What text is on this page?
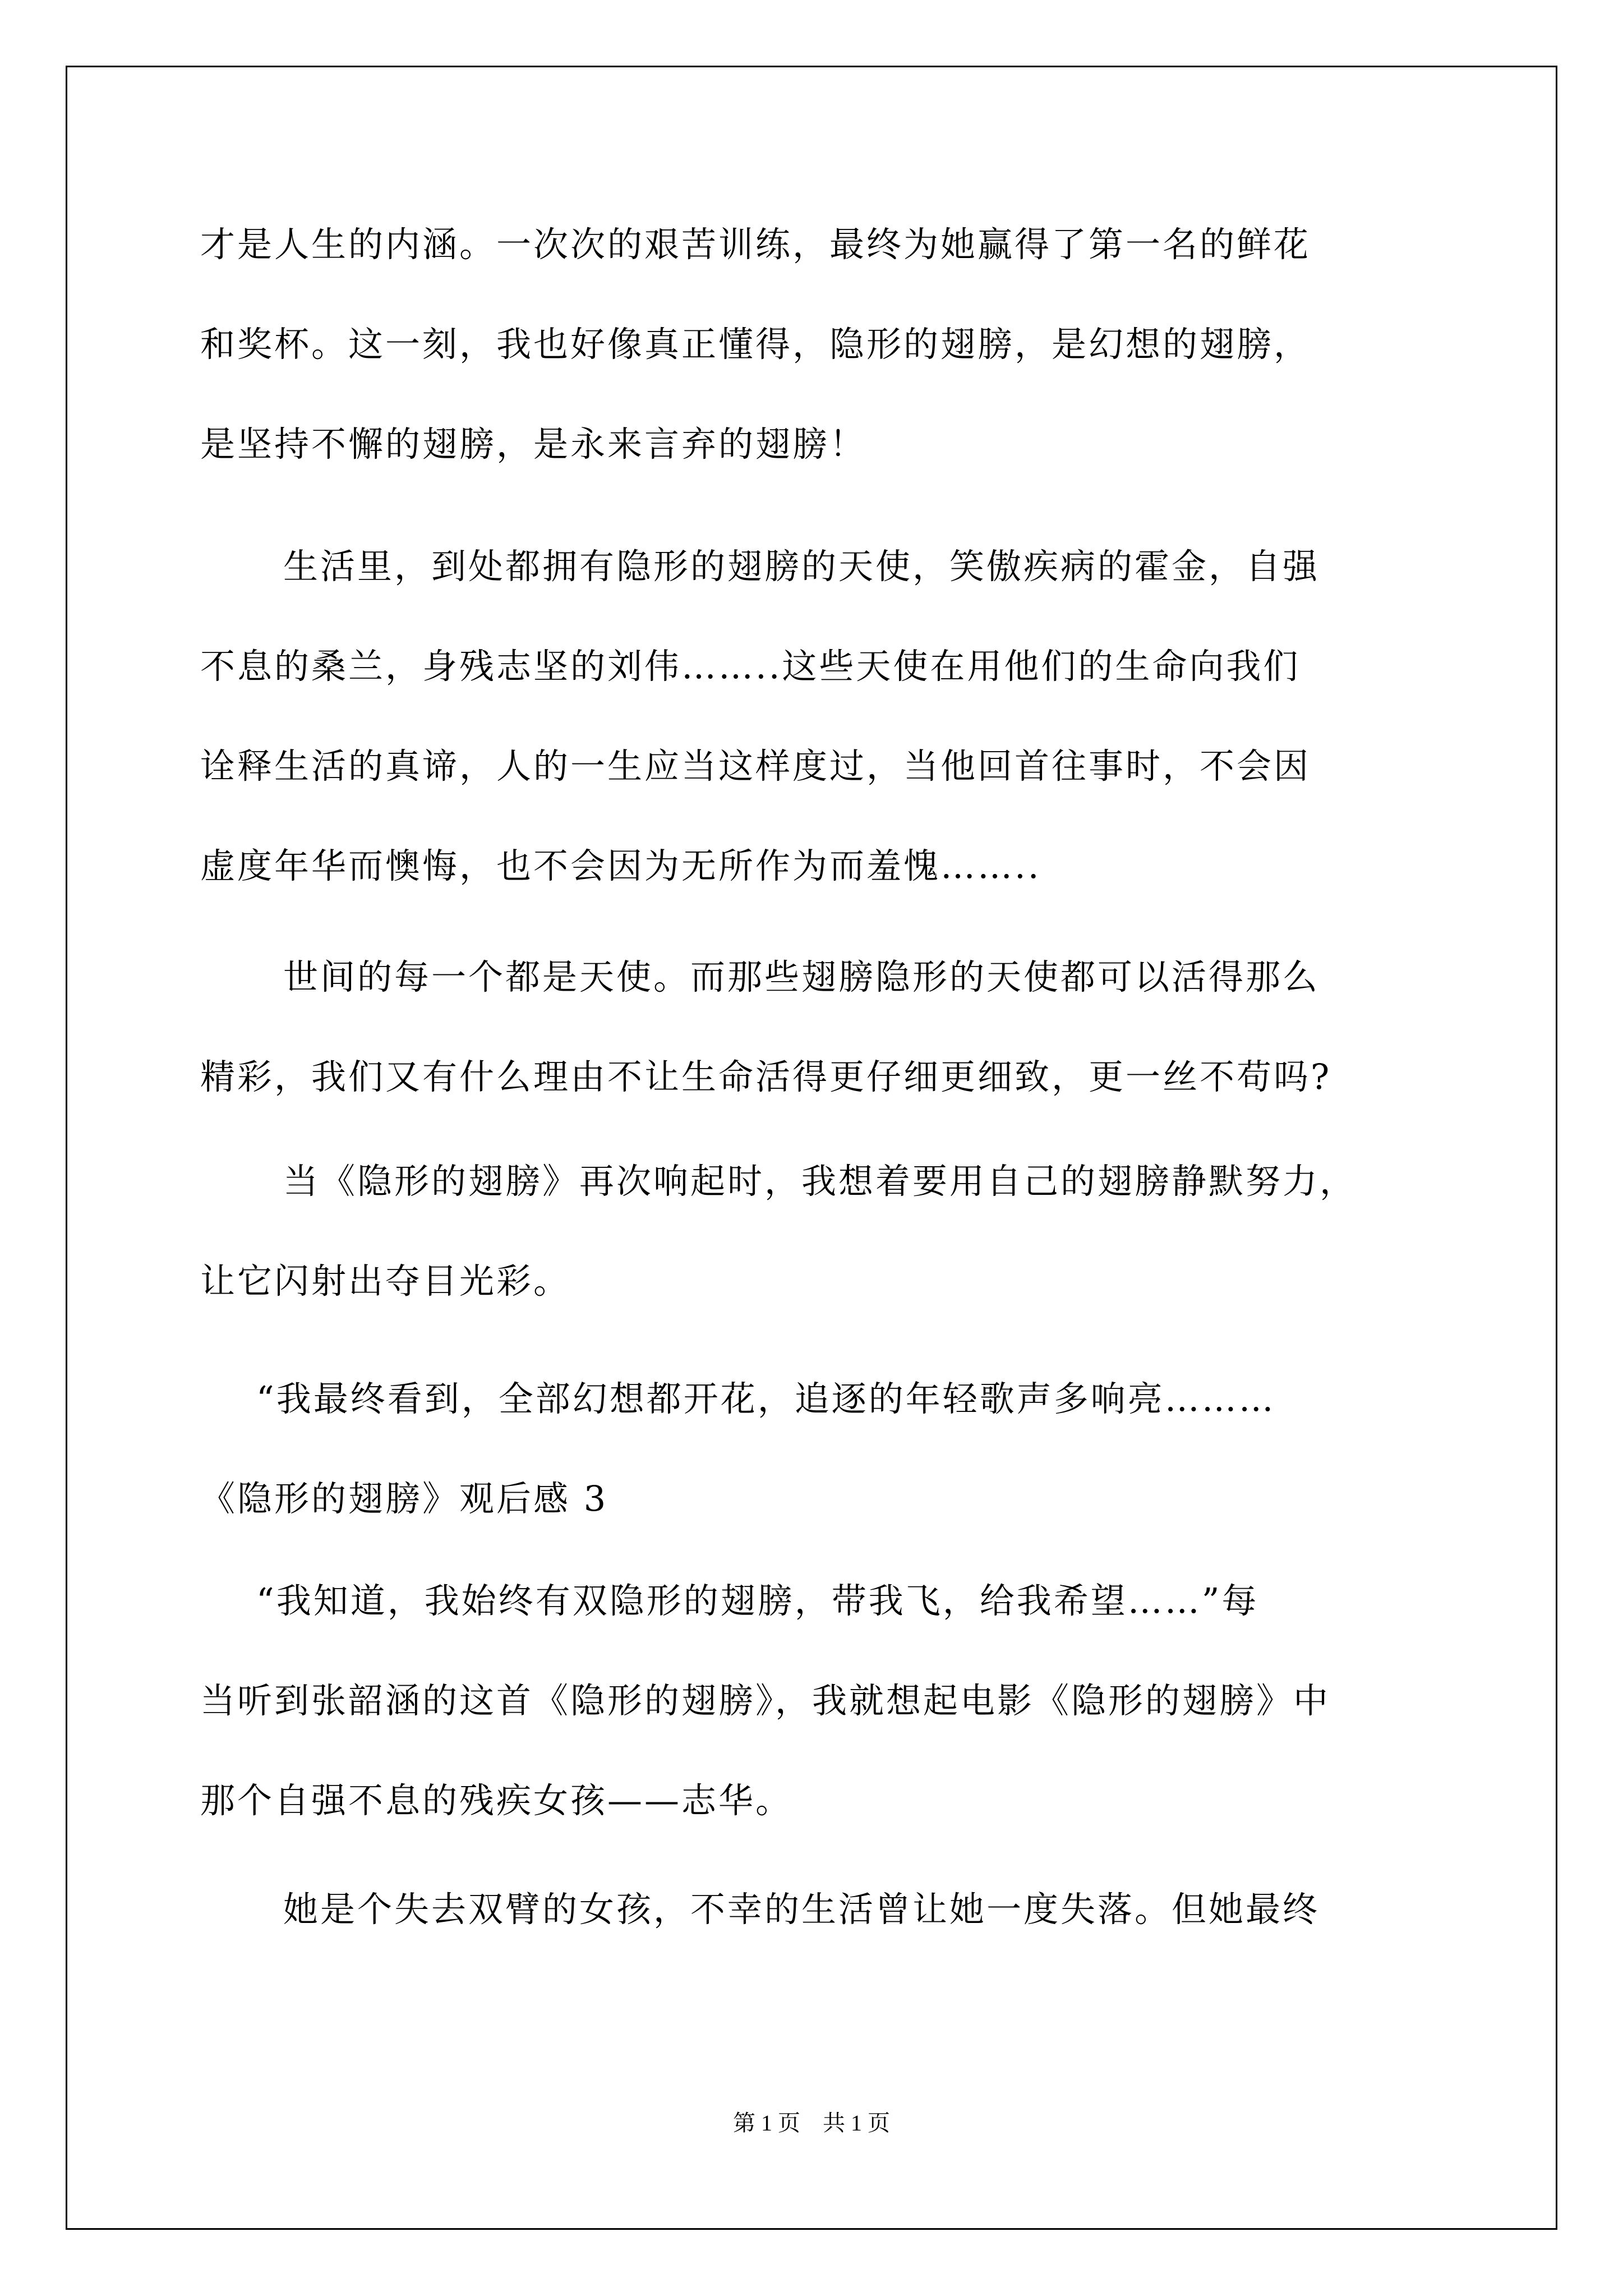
才是人生的内涵。一次次的艰苦训练，最终为她赢得了第一名的鲜花
和奖杯。这一刻，我也好像真正懂得，隐形的翅膀，是幻想的翅膀，
是坚持不懈的翅膀，是永来言弃的翅膀！
生活里，到处都拥有隐形的翅膀的天使，笑傲疾病的霍金，自强
不息的桑兰，身残志坚的刘伟……..这些天使在用他们的生命向我们
诠释生活的真谛，人的一生应当这样度过，当他回首往事时，不会因
虚度年华而懊悔，也不会因为无所作为而羞愧……..
世间的每一个都是天使。而那些翅膀隐形的天使都可以活得那么
精彩，我们又有什么理由不让生命活得更仔细更细致，更一丝不苟吗?
当《隐形的翅膀》再次响起时，我想着要用自己的翅膀静默努力，
让它闪射出夺目光彩。
“我最终看到，全部幻想都开花，追逐的年轻歌声多响亮………
《隐形的翅膀》观后感 3
“我知道，我始终有双隐形的翅膀，带我飞，给我希望……”每
当听到张韶涵的这首《隐形的翅膀》，我就想起电影《隐形的翅膀》中
那个自强不息的残疾女孩——志华。
她是个失去双臂的女孩，不幸的生活曾让她一度失落。但她最终
第 1 页　共 1 页
